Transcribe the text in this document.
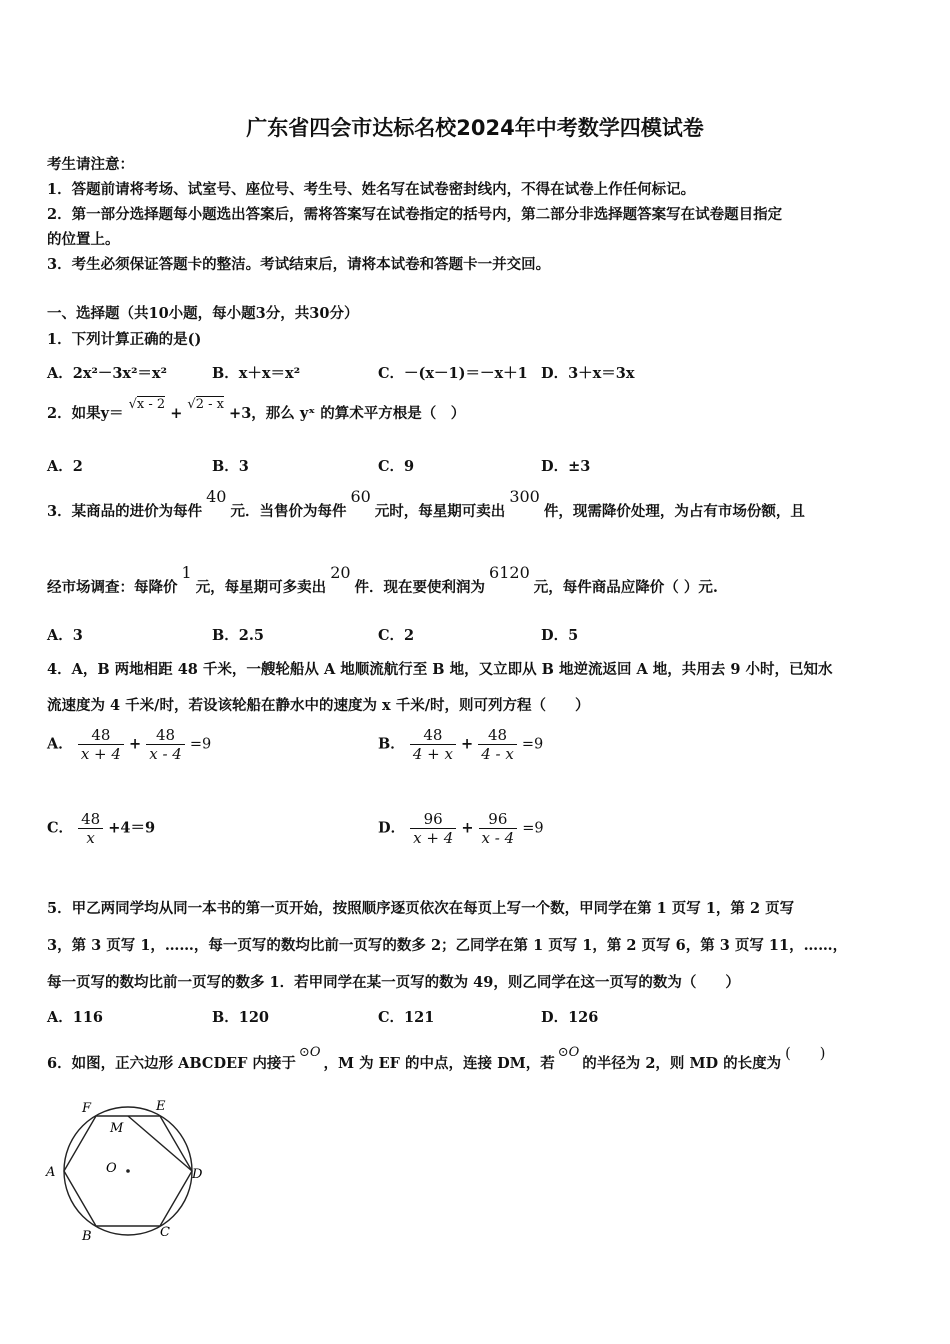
广东省四会市达标名校2024年中考数学四模试卷
考生请注意：
1．答题前请将考场、试室号、座位号、考生号、姓名写在试卷密封线内，不得在试卷上作任何标记。
2．第一部分选择题每小题选出答案后，需将答案写在试卷指定的括号内，第二部分非选择题答案写在试卷题目指定
的位置上。
3．考生必须保证答题卡的整洁。考试结束后，请将本试卷和答题卡一并交回。
一、选择题（共10小题，每小题3分，共30分）
1．下列计算正确的是()
A．2x²－3x²＝x²	B．x＋x＝x²	C．－(x－1)＝－x＋1 D．3＋x＝3x
2．如果y＝ √x - 2 + √2 - x +3，那么 yˣ 的算术平方根是（　）
A．2	B．3	C．9	D．±3
3．某商品的进价为每件40元．当售价为每件60元时，每星期可卖出300件，现需降价处理，为占有市场份额，且
经市场调查：每降价1元，每星期可多卖出20件．现在要使利润为6120元，每件商品应降价（ ）元.
A．3	B．2.5	C．2	D．5
4．A，B 两地相距 48 千米，一艘轮船从 A 地顺流航行至 B 地，又立即从 B 地逆流返回 A 地，共用去 9 小时，已知水
流速度为 4 千米/时，若设该轮船在静水中的速度为 x 千米/时，则可列方程（　　）
A． $\frac{48}{x + 4} + \frac{48}{x - 4} =9$	B． $\frac{48}{4 + x} + \frac{48}{4 - x} =9$
C． $\frac{48}{x} +4=9$	D． $\frac{96}{x + 4} + \frac{96}{x - 4} =9$
5．甲乙两同学均从同一本书的第一页开始，按照顺序逐页依次在每页上写一个数，甲同学在第 1 页写 1，第 2 页写
3，第 3 页写 1，……，每一页写的数均比前一页写的数多 2；乙同学在第 1 页写 1，第 2 页写 6，第 3 页写 11，……，
每一页写的数均比前一页写的数多 1．若甲同学在某一页写的数为 49，则乙同学在这一页写的数为（　　）
A．116	B．120	C．121	D．126
6．如图，正六边形 ABCDEF 内接于⊙O，M 为 EF 的中点，连接 DM，若⊙O的半径为 2，则 MD 的长度为(　　)
A
B	C
D
E
F
M
O
